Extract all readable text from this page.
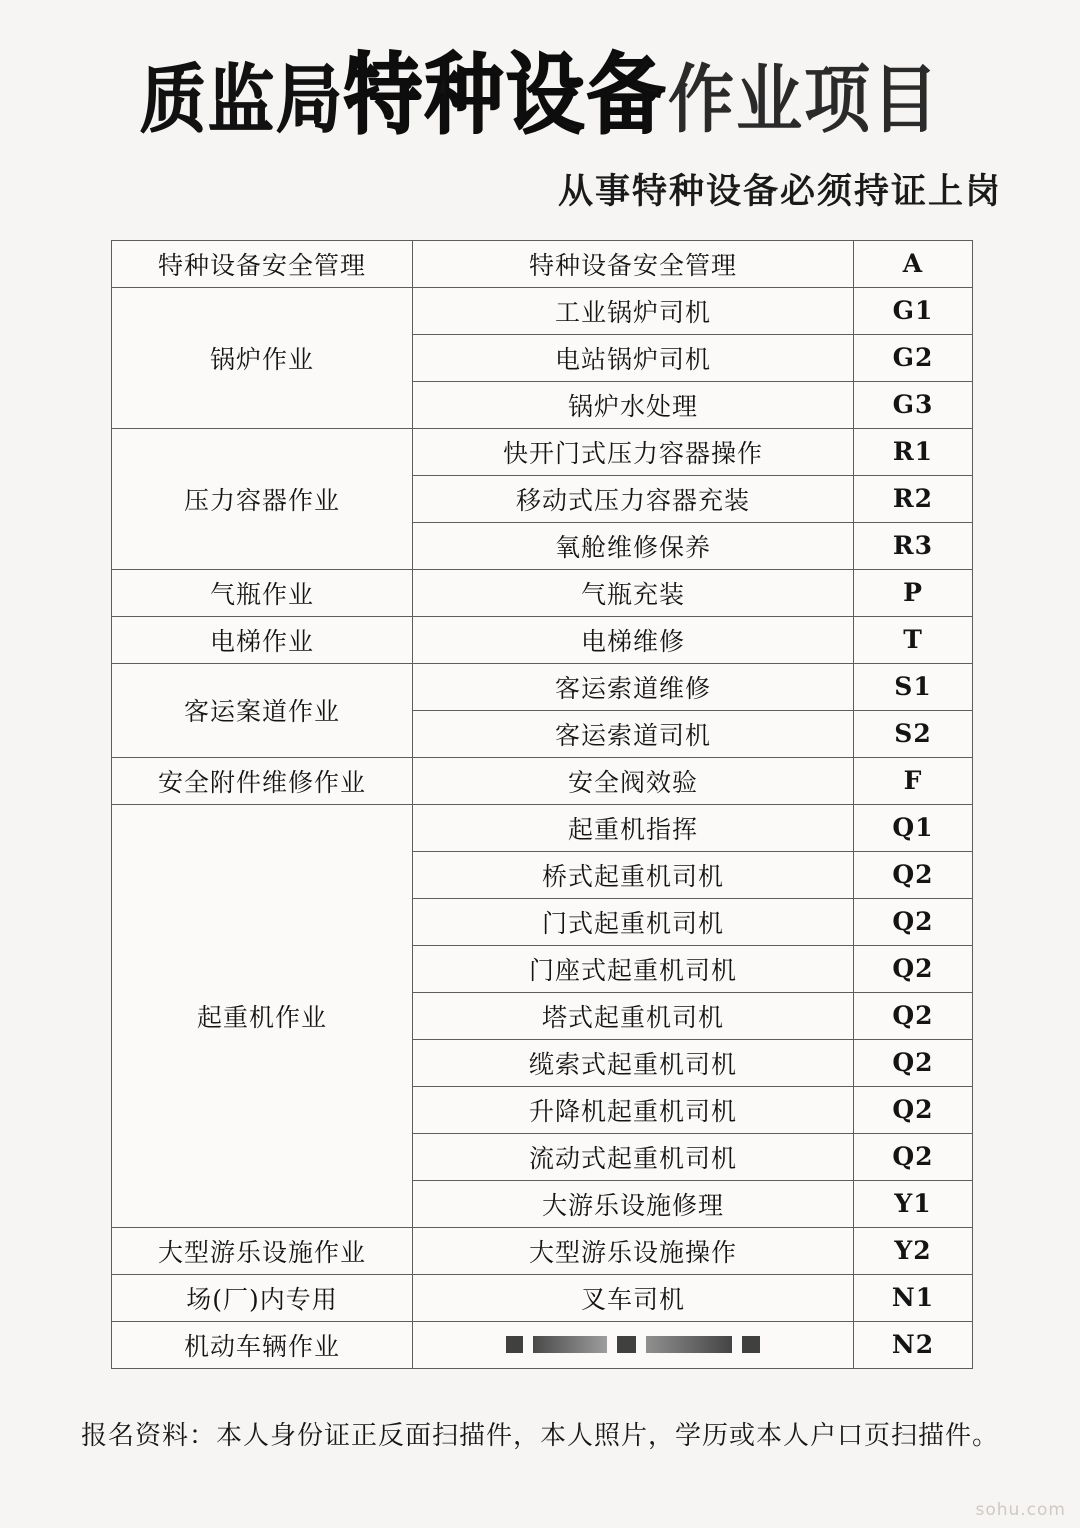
质监局特种设备作业项目
从事特种设备必须持证上岗
特种设备安全管理	特种设备安全管理	A
锅炉作业	工业锅炉司机	G1
	电站锅炉司机	G2
	锅炉水处理	G3
压力容器作业	快开门式压力容器操作	R1
	移动式压力容器充装	R2
	氧舱维修保养	R3
气瓶作业	气瓶充装	P
电梯作业	电梯维修	T
客运案道作业	客运索道维修	S1
	客运索道司机	S2
安全附件维修作业	安全阀效验	F
起重机作业	起重机指挥	Q1
	桥式起重机司机	Q2
	门式起重机司机	Q2
	门座式起重机司机	Q2
	塔式起重机司机	Q2
	缆索式起重机司机	Q2
	升降机起重机司机	Q2
	流动式起重机司机	Q2
	大游乐设施修理	Y1
大型游乐设施作业	大型游乐设施操作	Y2
场(厂)内专用	叉车司机	N1
机动车辆作业		N2
报名资料：本人身份证正反面扫描件，本人照片，学历或本人户口页扫描件。
sohu.com
